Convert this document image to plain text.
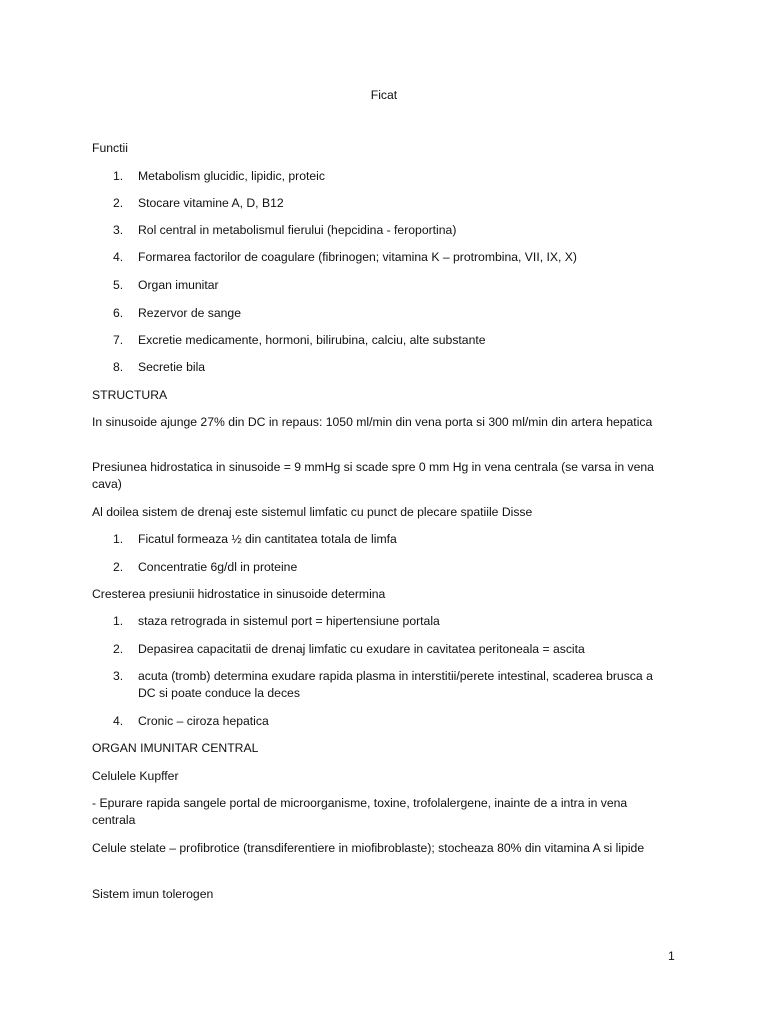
Ficat
Functii
1.	Metabolism glucidic, lipidic, proteic
2.	Stocare vitamine A, D, B12
3.	Rol central in metabolismul fierului (hepcidina - feroportina)
4.	Formarea factorilor de coagulare (fibrinogen; vitamina K – protrombina, VII, IX, X)
5.	Organ imunitar
6.	Rezervor de sange
7.	Excretie medicamente, hormoni, bilirubina, calciu, alte substante
8.	Secretie bila
STRUCTURA
In sinusoide ajunge 27% din DC in repaus: 1050 ml/min din vena porta si 300 ml/min din artera hepatica
Presiunea hidrostatica in sinusoide = 9 mmHg si scade spre 0 mm Hg in vena centrala (se varsa in vena cava)
Al doilea sistem de drenaj este sistemul limfatic cu punct de plecare spatiile Disse
1.	Ficatul formeaza ½ din cantitatea totala de limfa
2.	Concentratie 6g/dl in proteine
Cresterea presiunii hidrostatice in sinusoide determina
1.	staza retrograda in sistemul port = hipertensiune portala
2.	Depasirea capacitatii de drenaj limfatic cu exudare in cavitatea peritoneala = ascita
3.	acuta (tromb) determina exudare rapida plasma in interstitii/perete intestinal, scaderea brusca a DC si poate conduce la deces
4.	Cronic – ciroza hepatica
ORGAN IMUNITAR CENTRAL
Celulele Kupffer
- Epurare rapida sangele portal de microorganisme, toxine, trofolalergene, inainte de a intra in vena centrala
Celule stelate – profibrotice (transdiferentiere in miofibroblaste); stocheaza 80% din vitamina A si lipide
Sistem imun tolerogen
1
